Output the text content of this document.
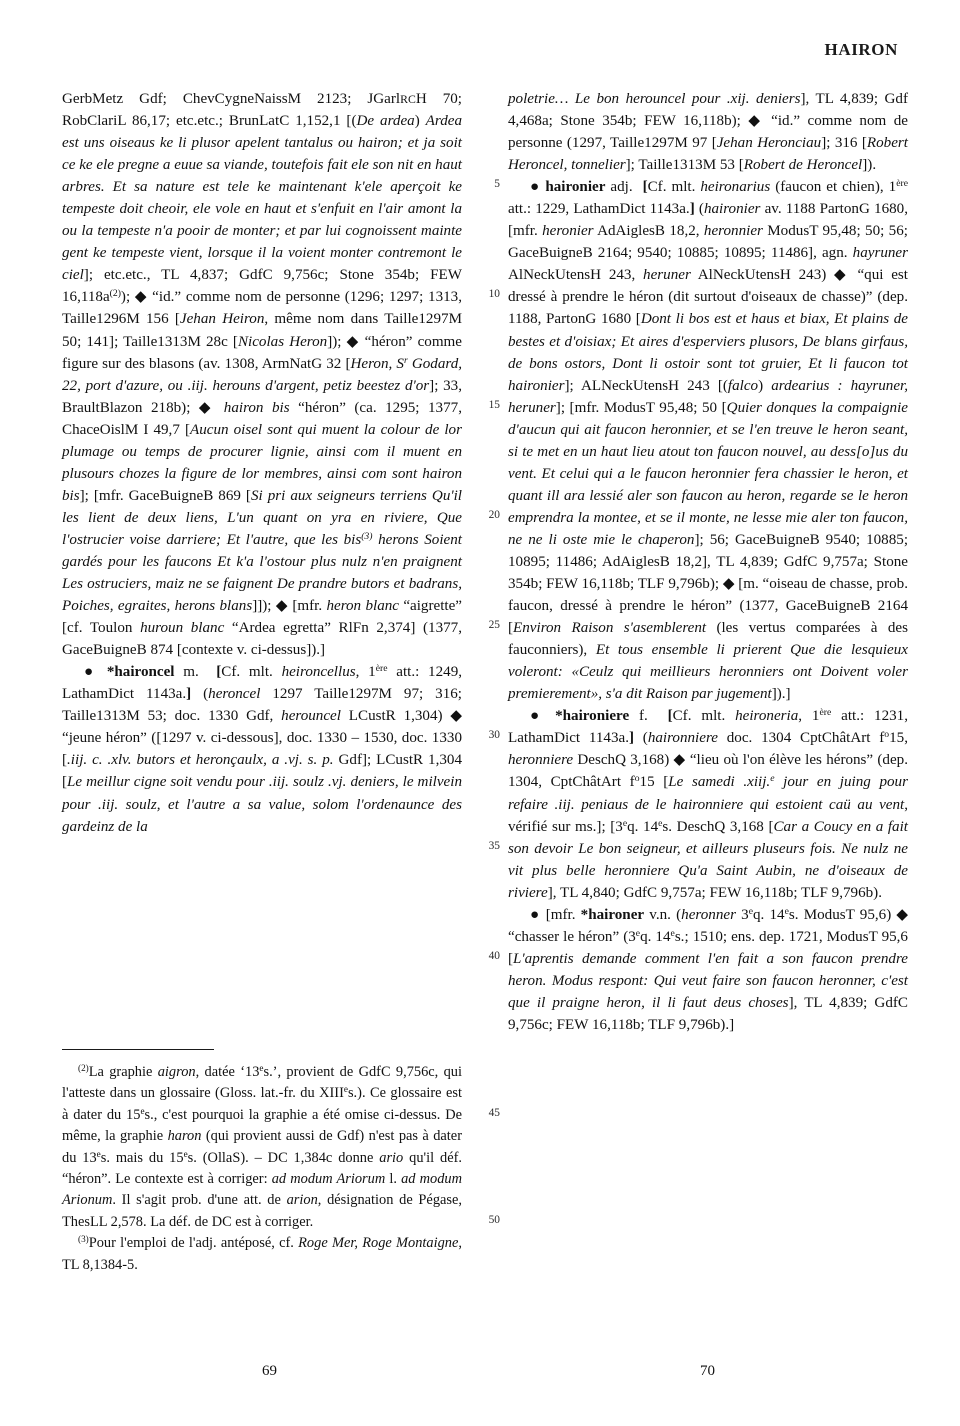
HAIRON

GerbMetz Gdf; ChevCygneNaissM 2123; JGarlRCH 70; RobClariL 86,17; etc.etc.; BrunLatC 1,152,1 [(De ardea) Ardea est uns oiseaus ke li plusor apelent tantalus ou hairon; et ja soit ce ke ele pregne a euue sa viande, toutefois fait ele son nit en haut arbres. Et sa nature est tele ke maintenant k'ele aperçoit ke tempeste doit cheoir, ele vole en haut et s'enfuit en l'air amont la ou la tempeste n'a pooir de monter; et par lui cognoissent mainte gent ke tempeste vient, lorsque il la voient monter contremont le ciel]; etc.etc., TL 4,837; GdfC 9,756c; Stone 354b; FEW $16,118a^{(2)}$); ◆ “id.” comme nom de personne (1296; 1297; 1313, Taille1296M 156 [Jehan Heiron, même nom dans Taille1297M 50; 141]; Taille1313M 28c [Nicolas Heron]); ◆ “héron” comme figure sur des blasons (av. 1308, ArmNatG 32 [Heron, $S^r$ Godard, 22, port d'azure, ou .iij. herouns d'argent, petiz beestez d'or]; 33, BraultBlazon 218b); ◆ hairon bis “héron” (ca. 1295; 1377, ChaceOislM I 49,7 [Aucun oisel sont qui muent la colour de lor plumage ou temps de procurer lignie, ainsi com il muent en plusours chozes la figure de lor membres, ainsi com sont hairon bis]; [mfr. GaceBuigneB 869 [Si pri aux seigneurs terriens Qu'il les lient de deux liens, L'un quant on yra en riviere, Que l'ostrucier voise darriere; Et l'autre, que les bis$^{(3)}$ herons Soient gardés pour les faucons Et k'a l'ostour plus nulz n'en praignent Les ostruciers, maiz ne se faignent De prandre butors et badrans, Poiches, egraites, herons blans]]); ◆ [mfr. heron blanc “aigrette” [cf. Toulon huroun blanc “Ardea egretta” RlFn 2,374] (1377, GaceBuigneB 874 [contexte v. ci-dessus]).]

● *haironcel m.  [Cf. mlt. heironcellus, 1ère att.: 1249, LathamDict 1143a.] (heroncel 1297 Taille1297M 97; 316; Taille1313M 53; doc. 1330 Gdf, herouncel LCustR 1,304) ◆ “jeune héron” ([1297 v. ci-dessous], doc. 1330 – 1530, doc. 1330 [.iij. c. .xlv. butors et heronçaulx, a .vj. s. p. Gdf]; LCustR 1,304 [Le meillur cigne soit vendu pour .iij. soulz .vj. deniers, le milvein pour .iij. soulz, et l'autre a sa value, solom l'ordenaunce des gardeinz de la

$^{(2)}$La graphie aigron, datée ‘13es.’, provient de GdfC 9,756c, qui l'atteste dans un glossaire (Gloss. lat.-fr. du XIIIes.). Ce glossaire est à dater du 15es., c'est pourquoi la graphie a été omise ci-dessus. De même, la graphie haron (qui provient aussi de Gdf) n'est pas à dater du 13es. mais du 15es. (OllaS). – DC 1,384c donne ario qu'il déf. “héron”. Le contexte est à corriger: ad modum Ariorum l. ad modum Arionum. Il s'agit prob. d'une att. de arion, désignation de Pégase, ThesLL 2,578. La déf. de DC est à corriger.

$^{(3)}$Pour l'emploi de l'adj. antéposé, cf. Roge Mer, Roge Montaigne, TL 8,1384-5.

poletrie… Le bon herouncel pour .xij. deniers], TL 4,839; Gdf 4,468a; Stone 354b; FEW 16,118b); ◆ “id.” comme nom de personne (1297, Taille1297M 97 [Jehan Heronciau]; 316 [Robert Heroncel, tonnelier]; Taille1313M 53 [Robert de Heroncel]).

● haironier adj.  [Cf. mlt. heironarius (faucon et chien), 1ère att.: 1229, LathamDict 1143a.] (haironier av. 1188 PartonG 1680, [mfr. heronier AdAiglesB 18,2, heronnier ModusT 95,48; 50; 56; GaceBuigneB 2164; 9540; 10885; 10895; 11486], agn. hayruner AlNeckUtensH 243, heruner AlNeckUtensH 243) ◆ “qui est dressé à prendre le héron (dit surtout d'oiseaux de chasse)” (dep. 1188, PartonG 1680 [Dont li bos est et haus et biax, Et plains de bestes et d'oisiax; Et aires d'esperviers plusors, De blans girfaus, de bons ostors, Dont li ostoir sont tot gruier, Et li faucon tot haironier]; ALNeckUtensH 243 [(falco) ardearius : hayruner, heruner]; [mfr. ModusT 95,48; 50 [Quier donques la compaignie d'aucun qui ait faucon heronnier, et se l'en treuve le heron seant, si te met en un haut lieu atout ton faucon nouvel, au dess[o]us du vent. Et celui qui a le faucon heronnier fera chassier le heron, et quant ill ara lessié aler son faucon au heron, regarde se le heron emprendra la montee, et se il monte, ne lesse mie aler ton faucon, ne ne li oste mie le chaperon]; 56; GaceBuigneB 9540; 10885; 10895; 11486; AdAiglesB 18,2], TL 4,839; GdfC 9,757a; Stone 354b; FEW 16,118b; TLF 9,796b); ◆ [m. “oiseau de chasse, prob. faucon, dressé à prendre le héron” (1377, GaceBuigneB 2164 [Environ Raison s'asemblerent (les vertus comparées à des fauconniers), Et tous ensemble li prierent Que die lesquieux voleront: «Ceulz qui meillieurs heronniers ont Doivent voler premierement», s'a dit Raison par jugement]).]

● *haironiere f.  [Cf. mlt. heironeria, 1ère att.: 1231, LathamDict 1143a.] (haironniere doc. 1304 CptChâtArt $f^o15$, heronniere DeschQ 3,168) ◆ “lieu où l'on élève les hérons” (dep. 1304, CptChâtArt $f^o15$ [Le samedi .xiij.$^e$ jour en juing pour refaire .iij. peniaus de le haironniere qui estoient caü au vent, vérifié sur ms.]; [3eq. 14es. DeschQ 3,168 [Car a Coucy en a fait son devoir Le bon seigneur, et ailleurs pluseurs fois. Ne nulz ne vit plus belle heronniere Qu'a Saint Aubin, ne d'oiseaux de riviere], TL 4,840; GdfC 9,757a; FEW 16,118b; TLF 9,796b).

● [mfr. *haironer v.n. (heronner 3eq. 14es. ModusT 95,6) ◆ “chasser le héron” (3eq. 14es.; 1510; ens. dep. 1721, ModusT 95,6 [L'aprentis demande comment l'en fait a son faucon prendre heron. Modus respont: Qui veut faire son faucon heronner, c'est que il praigne heron, il li faut deus choses], TL 4,839; GdfC 9,756c; FEW 16,118b; TLF 9,796b).]

5
10
15
20
25
30
35
40
45
50
69	70
